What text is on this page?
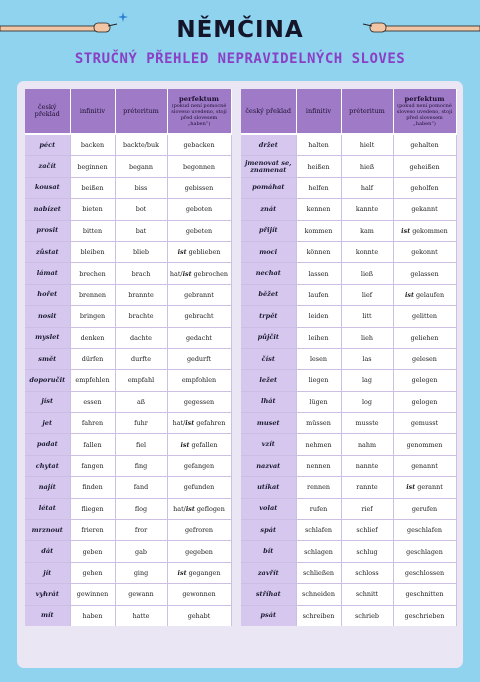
NĚMČINA
STRUČNÝ PŘEHLED NEPRAVIDELNÝCH SLOVES
český překlad	infinitiv	préteritum	perfektum
(pokud není pomocné sloveso uvedeno, stojí před slovesem „haben“)
péct	backen	backte/buk	gebacken
začít	beginnen	begann	begonnen
kousat	beißen	biss	gebissen
nabízet	bieten	bot	geboten
prosit	bitten	bat	gebeten
zůstat	bleiben	blieb	ist geblieben
lámat	brechen	brach	hat/ist gebrochen
hořet	brennen	brannte	gebrannt
nosit	bringen	brachte	gebracht
myslet	denken	dachte	gedacht
smět	dürfen	durfte	gedurft
doporučit	empfehlen	empfahl	empfohlen
jíst	essen	aß	gegessen
jet	fahren	fuhr	hat/ist gefahren
padat	fallen	fiel	ist gefallen
chytat	fangen	fing	gefangen
najít	finden	fand	gefunden
létat	fliegen	flog	hat/ist geflogen
mrznout	frieren	fror	gefroren
dát	geben	gab	gegeben
jít	gehen	ging	ist gegangen
vyhrát	gewinnen	gewann	gewonnen
mít	haben	hatte	gehabt
český překlad	infinitiv	préteritum	perfektum
(pokud není pomocné sloveso uvedeno, stojí před slovesem „haben“)
držet	halten	hielt	gehalten
jmenovat se, znamenat	heißen	hieß	geheißen
pomáhat	helfen	half	geholfen
znát	kennen	kannte	gekannt
přijít	kommen	kam	ist gekommen
moci	können	konnte	gekonnt
nechat	lassen	ließ	gelassen
běžet	laufen	lief	ist gelaufen
trpět	leiden	litt	gelitten
půjčit	leihen	lieh	geliehen
číst	lesen	las	gelesen
ležet	liegen	lag	gelegen
lhát	lügen	log	gelogen
muset	müssen	musste	gemusst
vzít	nehmen	nahm	genommen
nazvat	nennen	nannte	genannt
utíkat	rennen	rannte	ist gerannt
volat	rufen	rief	gerufen
spát	schlafen	schlief	geschlafen
bít	schlagen	schlug	geschlagen
zavřít	schließen	schloss	geschlossen
stříhat	schneiden	schnitt	geschnitten
psát	schreiben	schrieb	geschrieben
